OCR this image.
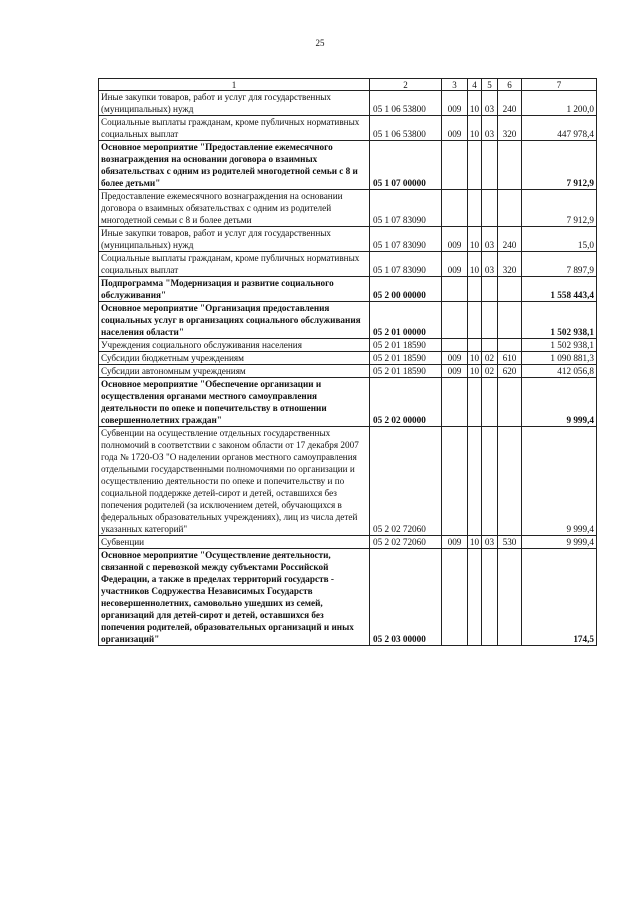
25
1	2	3	4	5	6	7
Иные закупки товаров, работ и услуг для государственных (муниципальных) нужд	05 1 06 53800	009	10	03	240	1 200,0
Социальные выплаты гражданам, кроме публичных нормативных социальных выплат	05 1 06 53800	009	10	03	320	447 978,4
Основное мероприятие "Предоставление ежемесячного вознаграждения на основании договора о взаимных обязательствах с одним из родителей многодетной семьи с 8 и более детьми"	05 1 07 00000					7 912,9
Предоставление ежемесячного вознаграждения на основании договора о взаимных обязательствах с одним из родителей многодетной семьи с 8 и более детьми	05 1 07 83090					7 912,9
Иные закупки товаров, работ и услуг для государственных (муниципальных) нужд	05 1 07 83090	009	10	03	240	15,0
Социальные выплаты гражданам, кроме публичных нормативных социальных выплат	05 1 07 83090	009	10	03	320	7 897,9
Подпрограмма "Модернизация и развитие социального обслуживания"	05 2 00 00000					1 558 443,4
Основное мероприятие "Организация предоставления социальных услуг в организациях социального обслуживания населения области"	05 2 01 00000					1 502 938,1
Учреждения социального обслуживания населения	05 2 01 18590					1 502 938,1
Субсидии бюджетным учреждениям	05 2 01 18590	009	10	02	610	1 090 881,3
Субсидии автономным учреждениям	05 2 01 18590	009	10	02	620	412 056,8
Основное мероприятие "Обеспечение организации и осуществления органами местного самоуправления деятельности по опеке и попечительству в отношении совершеннолетних граждан"	05 2 02 00000					9 999,4
Субвенции на осуществление отдельных государственных полномочий в соответствии с законом области от 17 декабря 2007 года № 1720-ОЗ "О наделении органов местного самоуправления отдельными государственными полномочиями по организации и осуществлению деятельности по опеке и попечительству и по социальной поддержке детей-сирот и детей, оставшихся без попечения родителей (за исключением детей, обучающихся в федеральных образовательных учреждениях), лиц из числа детей указанных категорий"	05 2 02 72060					9 999,4
Субвенции	05 2 02 72060	009	10	03	530	9 999,4
Основное мероприятие "Осуществление деятельности, связанной с перевозкой между субъектами Российской Федерации, а также в пределах территорий государств - участников Содружества Независимых Государств несовершеннолетних, самовольно ушедших из семей, организаций для детей-сирот и детей, оставшихся без попечения родителей, образовательных организаций и иных организаций"	05 2 03 00000					174,5
